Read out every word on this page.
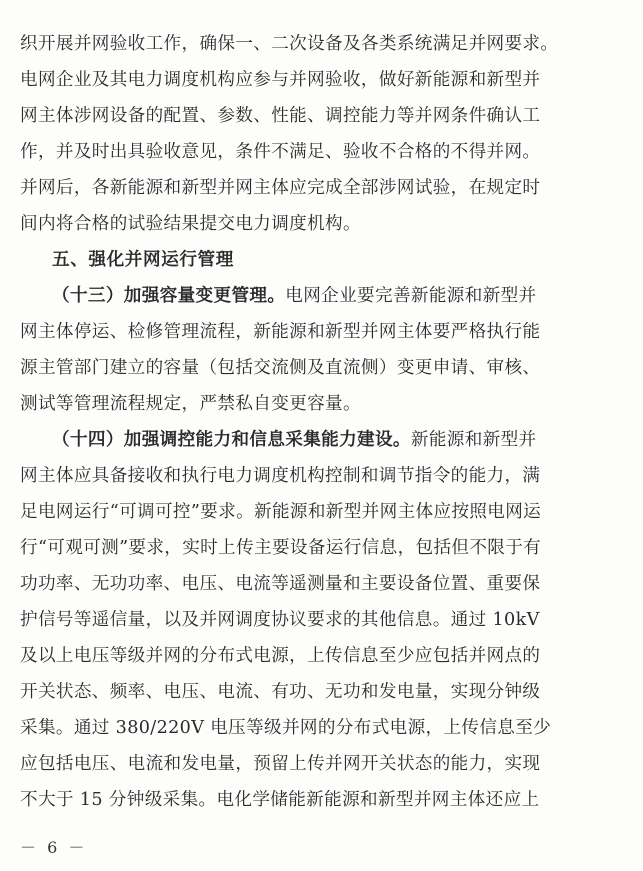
织开展并网验收工作，确保一、二次设备及各类系统满足并网要求。
电网企业及其电力调度机构应参与并网验收，做好新能源和新型并
网主体涉网设备的配置、参数、性能、调控能力等并网条件确认工
作，并及时出具验收意见，条件不满足、验收不合格的不得并网。
并网后，各新能源和新型并网主体应完成全部涉网试验，在规定时
间内将合格的试验结果提交电力调度机构。
五、强化并网运行管理
（十三）加强容量变更管理。电网企业要完善新能源和新型并
网主体停运、检修管理流程，新能源和新型并网主体要严格执行能
源主管部门建立的容量（包括交流侧及直流侧）变更申请、审核、
测试等管理流程规定，严禁私自变更容量。
（十四）加强调控能力和信息采集能力建设。新能源和新型并
网主体应具备接收和执行电力调度机构控制和调节指令的能力，满
足电网运行“可调可控”要求。新能源和新型并网主体应按照电网运
行“可观可测”要求，实时上传主要设备运行信息，包括但不限于有
功功率、无功功率、电压、电流等遥测量和主要设备位置、重要保
护信号等遥信量，以及并网调度协议要求的其他信息。通过 10kV
及以上电压等级并网的分布式电源，上传信息至少应包括并网点的
开关状态、频率、电压、电流、有功、无功和发电量，实现分钟级
采集。通过 380/220V 电压等级并网的分布式电源，上传信息至少
应包括电压、电流和发电量，预留上传并网开关状态的能力，实现
不大于 15 分钟级采集。电化学储能新能源和新型并网主体还应上
－ 6 －
